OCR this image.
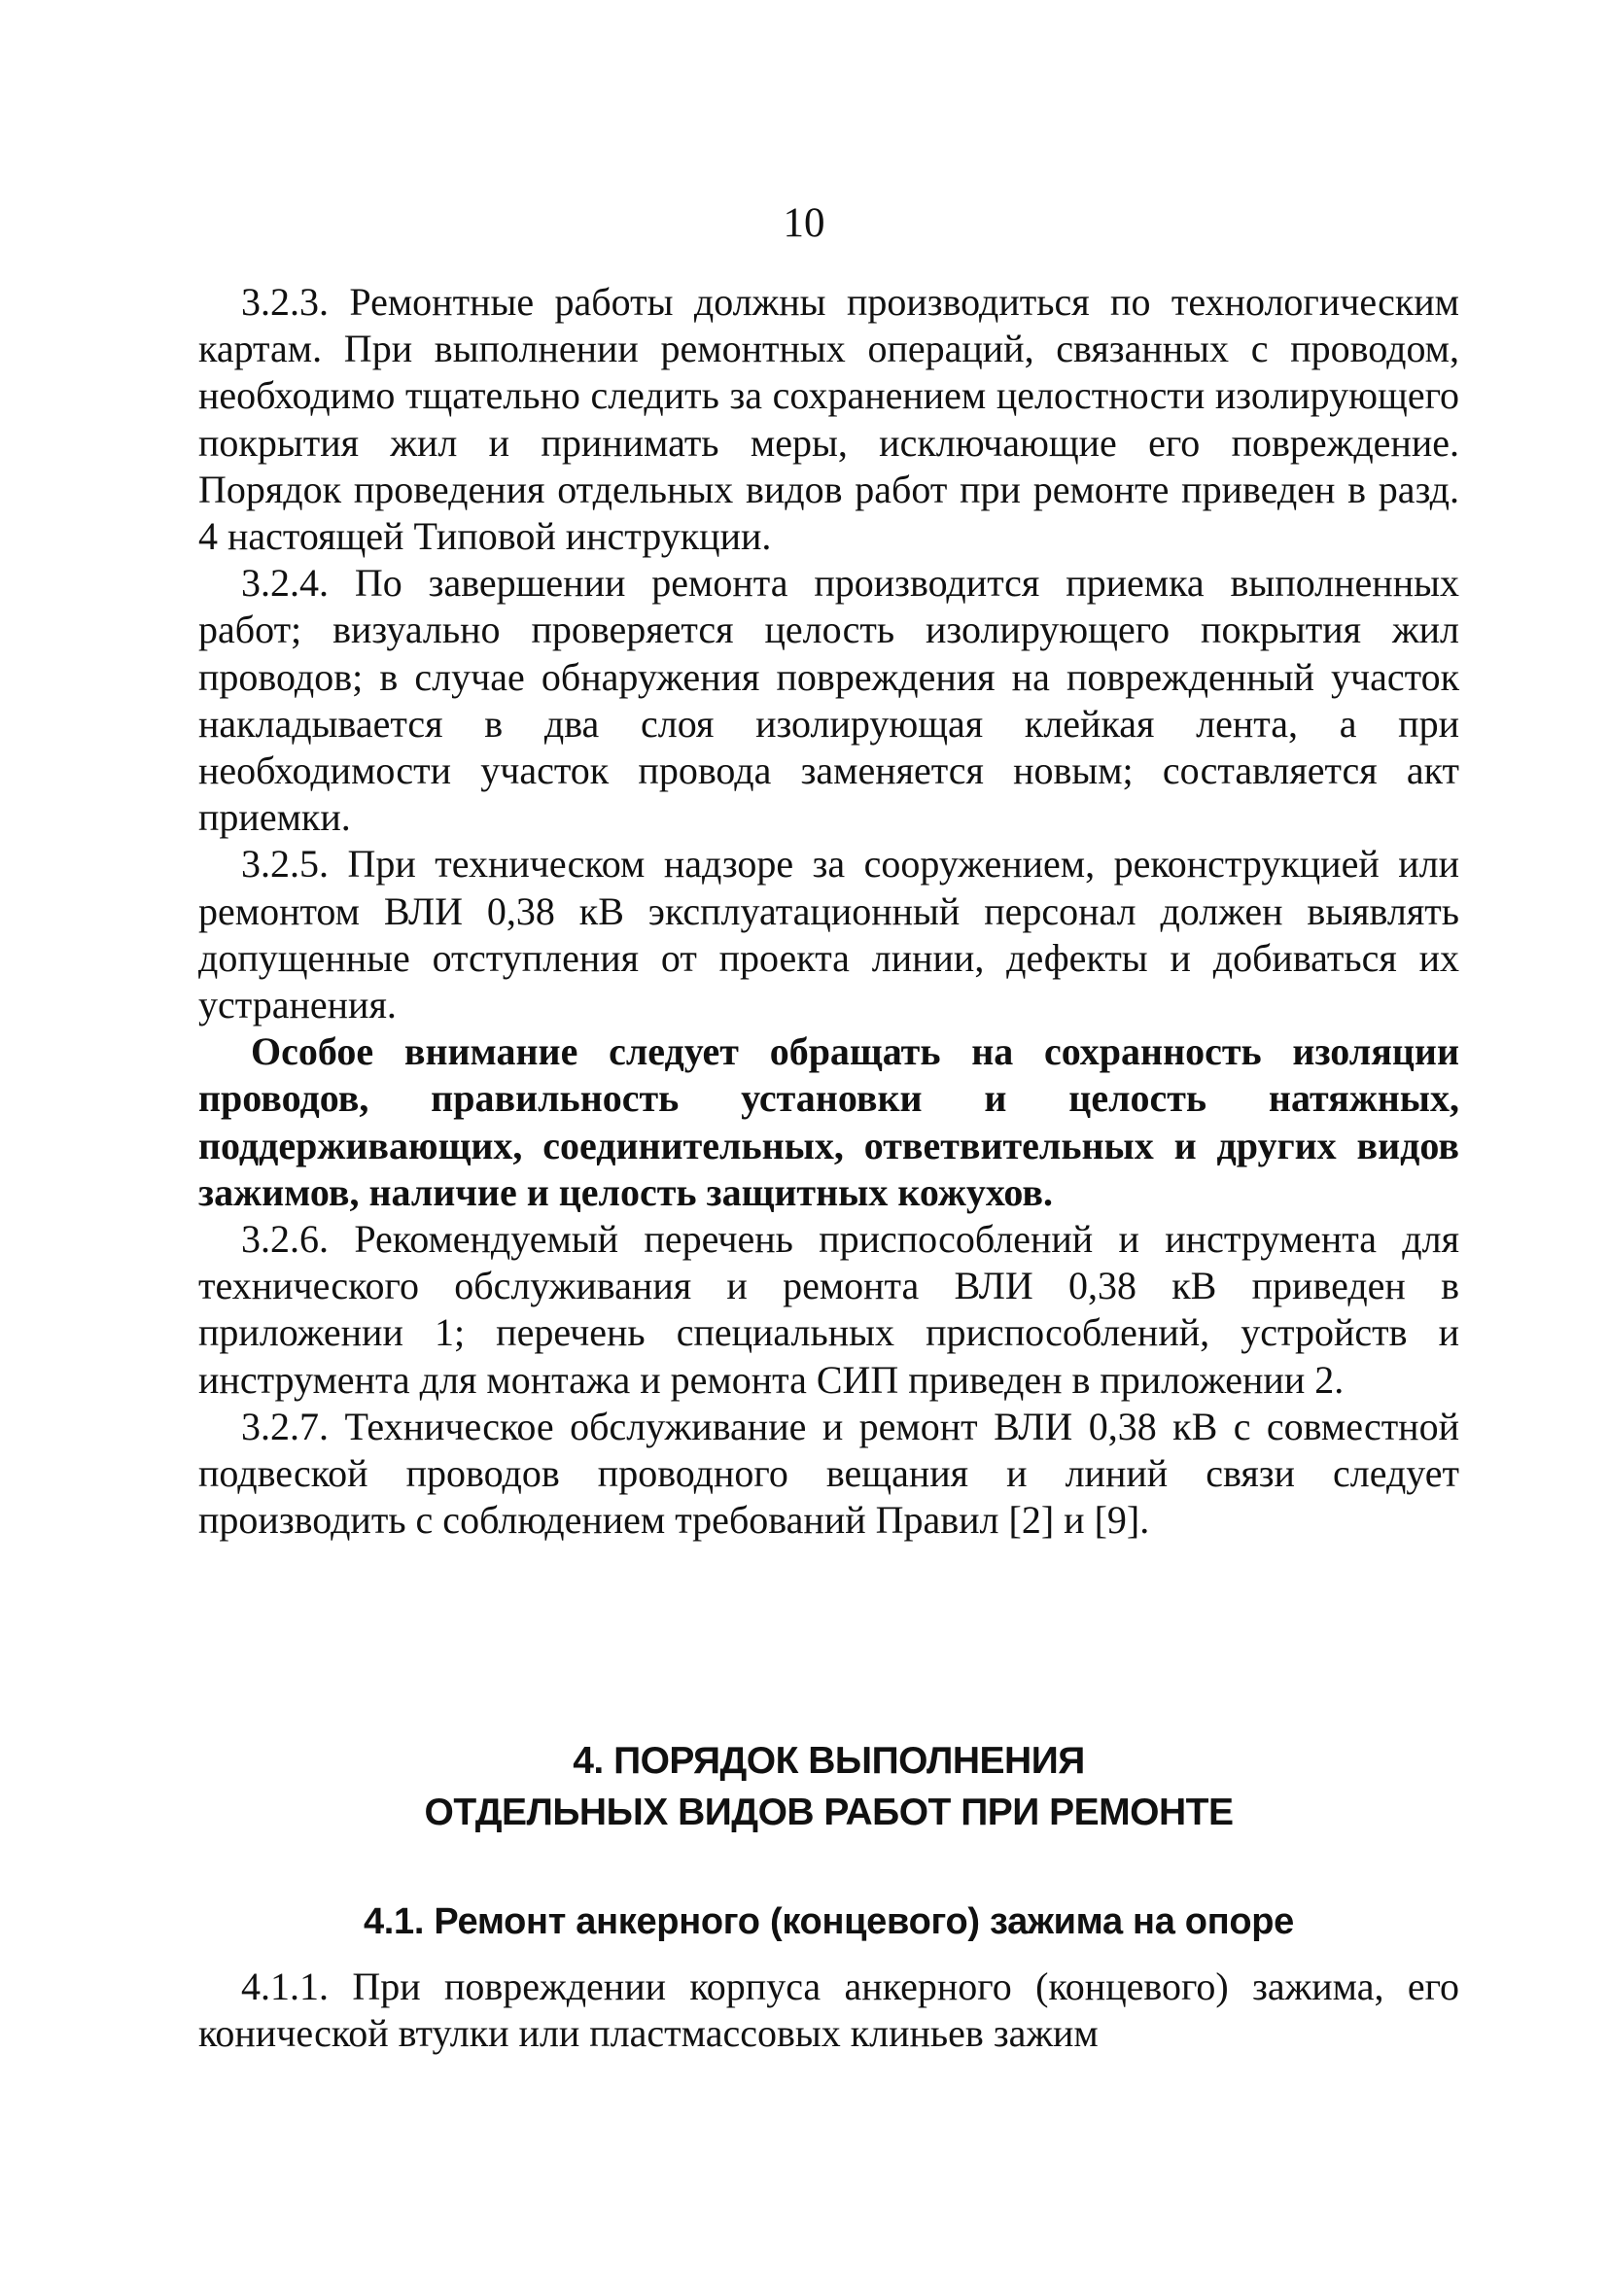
10

3.2.3. Ремонтные работы должны производиться по технологическим картам. При выполнении ремонтных операций, связанных с проводом, необходимо тщательно следить за сохранением целостности изолирующего покрытия жил и принимать меры, исключающие его повреждение. Порядок проведения отдельных видов работ при ремонте приведен в разд. 4 настоящей Типовой инструкции.

3.2.4. По завершении ремонта производится приемка выполненных работ; визуально проверяется целость изолирующего покрытия жил проводов; в случае обнаружения повреждения на поврежденный участок накладывается в два слоя изолирующая клейкая лента, а при необходимости участок провода заменяется новым; составляется акт приемки.

3.2.5. При техническом надзоре за сооружением, реконструкцией или ремонтом ВЛИ 0,38 кВ эксплуатационный персонал должен выявлять допущенные отступления от проекта линии, дефекты и добиваться их устранения.

Особое внимание следует обращать на сохранность изоляции проводов, правильность установки и целость натяжных, поддерживающих, соединительных, ответвительных и других видов зажимов, наличие и целость защитных кожухов.

3.2.6. Рекомендуемый перечень приспособлений и инструмента для технического обслуживания и ремонта ВЛИ 0,38 кВ приведен в приложении 1; перечень специальных приспособлений, устройств и инструмента для монтажа и ремонта СИП приведен в приложении 2.

3.2.7. Техническое обслуживание и ремонт ВЛИ 0,38 кВ с совместной подвеской проводов проводного вещания и линий связи следует производить с соблюдением требований Правил [2] и [9].

4. ПОРЯДОК ВЫПОЛНЕНИЯ
ОТДЕЛЬНЫХ ВИДОВ РАБОТ ПРИ РЕМОНТЕ
4.1. Ремонт анкерного (концевого) зажима на опоре

4.1.1. При повреждении корпуса анкерного (концевого) зажима, его конической втулки или пластмассовых клиньев зажим
